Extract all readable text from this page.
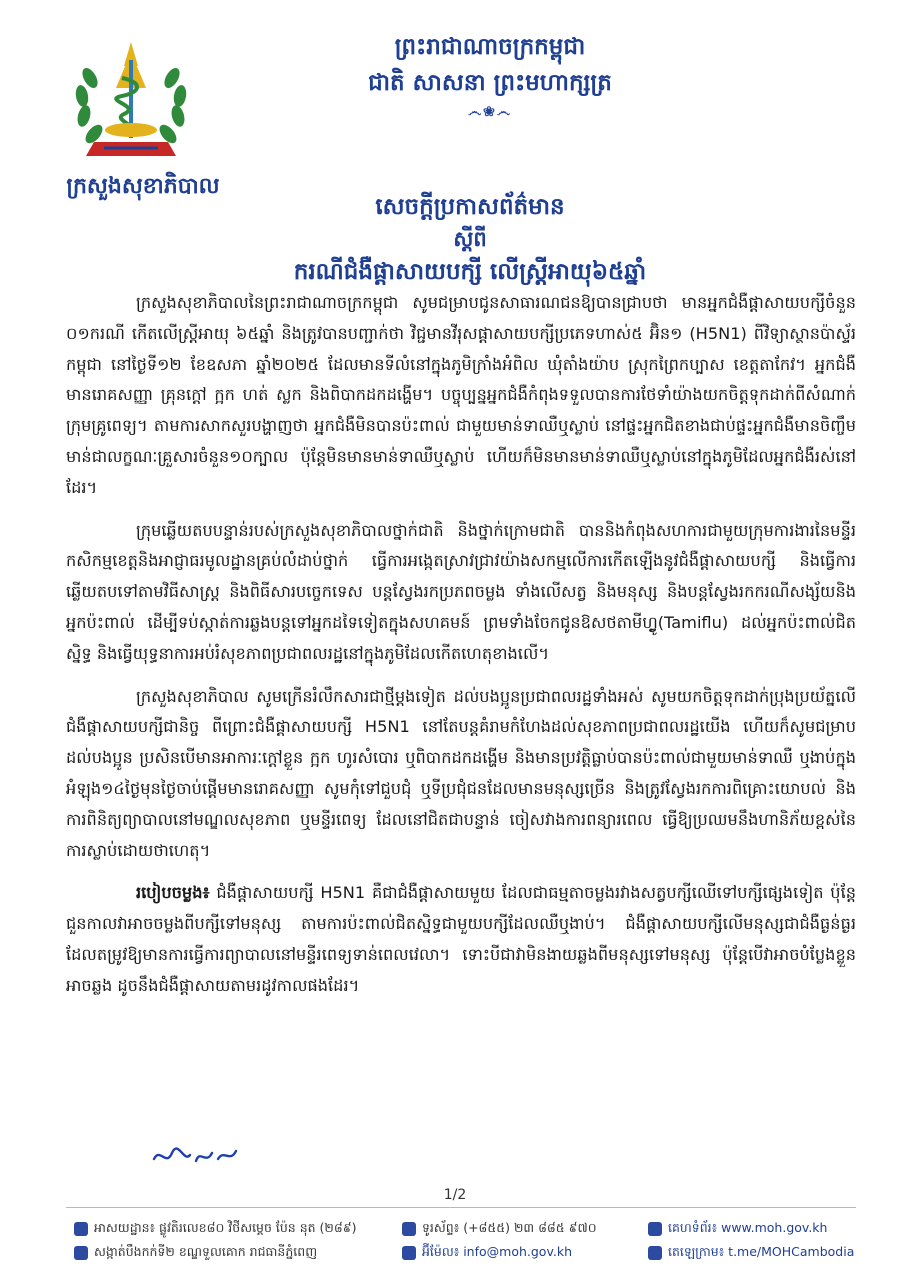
ក្រសួងសុខាភិបាល
ព្រះរាជាណាចក្រកម្ពុជា
ជាតិ សាសនា ព្រះមហាក្សត្រ
෴❀෴
សេចក្តីប្រកាសព័ត៌មាន
ស្តីពី
ករណីជំងឺផ្តាសាយបក្សី លើស្ត្រីអាយុ៦៥ឆ្នាំ

ក្រសួងសុខាភិបាលនៃព្រះរាជាណាចក្រកម្ពុជា សូមជម្រាបជូនសាធារណជនឱ្យបានជ្រាបថា មានអ្នកជំងឺផ្តាសាយបក្សីចំនួន ០១ករណី កើតលើស្ត្រីអាយុ ៦៥ឆ្នាំ និងត្រូវបានបញ្ជាក់ថា វិជ្ជមានវីរុសផ្តាសាយបក្សីប្រភេទហាស់៥ អ៊ិន១ (H5N1) ពីវិទ្យាស្ថានប៉ាស្ទ័រកម្ពុជា នៅថ្ងៃទី១២ ខែឧសភា ឆ្នាំ២០២៥ ដែលមានទីលំនៅក្នុងភូមិក្រាំងអំពិល ឃុំតាំងយ៉ាប ស្រុកព្រៃកប្បាស ខេត្តតាកែវ។ អ្នកជំងឺ មានរោគសញ្ញា គ្រុនក្តៅ ក្អក ហត់ ស្លក និងពិបាកដកដង្ហើម។ បច្ចុប្បន្នអ្នកជំងឺកំពុងទទួលបានការថែទាំយ៉ាងយកចិត្តទុកដាក់ពីសំណាក់ក្រុមគ្រូពេទ្យ។ តាមការសាកសួរបង្ហាញថា អ្នកជំងឺមិនបានប៉ះពាល់ ជាមួយមាន់ទាឈឺឬស្លាប់ នៅផ្ទះអ្នកជិតខាងជាប់ផ្ទះអ្នកជំងឺមានចិញ្ចឹមមាន់ជាលក្ខណៈគ្រួសារចំនួន១០ក្បាល ប៉ុន្តែមិនមានមាន់ទាឈឺឬស្លាប់ ហើយក៏មិនមានមាន់ទាឈឺឬស្លាប់នៅក្នុងភូមិដែលអ្នកជំងឺរស់នៅដែរ។

ក្រុមឆ្លើយតបបន្ទាន់របស់ក្រសួងសុខាភិបាលថ្នាក់ជាតិ និងថ្នាក់ក្រោមជាតិ បាននិងកំពុងសហការជាមួយក្រុមការងារនៃមន្ទីរកសិកម្មខេត្តនិងអាជ្ញាធរមូលដ្ឋានគ្រប់លំដាប់ថ្នាក់ ធ្វើការអង្កេតស្រាវជ្រាវយ៉ាងសកម្មលើការកើតឡើងនូវជំងឺផ្តាសាយបក្សី និងធ្វើការឆ្លើយតបទៅតាមវិធីសាស្ត្រ និងពិធីសារបច្ចេកទេស បន្តស្វែងរកប្រភពចម្លង ទាំងលើសត្វ និងមនុស្ស និងបន្តស្វែងរកករណីសង្ស័យនិងអ្នកប៉ះពាល់ ដើម្បីទប់ស្កាត់ការឆ្លងបន្តទៅអ្នកដទៃទៀតក្នុងសហគមន៍ ព្រមទាំងចែកជូនឱសថតាមីហ្វ្លូ(Tamiflu) ដល់អ្នកប៉ះពាល់ជិតស្និទ្ធ និងធ្វើយុទ្ធនាការអប់រំសុខភាពប្រជាពលរដ្ឋនៅក្នុងភូមិដែលកើតហេតុខាងលើ។

ក្រសួងសុខាភិបាល សូមក្រើនរំលឹកសារជាថ្មីម្តងទៀត ដល់បងប្អូនប្រជាពលរដ្ឋទាំងអស់ សូមយកចិត្តទុកដាក់ប្រុងប្រយ័ត្នលើជំងឺផ្តាសាយបក្សីជានិច្ច ពីព្រោះជំងឺផ្តាសាយបក្សី H5N1 នៅតែបន្តគំរាមកំហែងដល់សុខភាពប្រជាពលរដ្ឋយើង ហើយក៏សូមជម្រាបដល់បងប្អូន ប្រសិនបើមានអាការៈក្តៅខ្លួន ក្អក ហូរសំបោរ ឬពិបាកដកដង្ហើម និងមានប្រវត្តិធ្លាប់បានប៉ះពាល់ជាមួយមាន់ទាឈឺ ឬងាប់ក្នុងអំឡុង១៤ថ្ងៃមុនថ្ងៃចាប់ផ្តើមមានរោគសញ្ញា សូមកុំទៅជួបជុំ ឬទីប្រជុំជនដែលមានមនុស្សច្រើន និងត្រូវស្វែងរកការពិគ្រោះយោបល់ និងការពិនិត្យព្យាបាលនៅមណ្ឌលសុខភាព ឬមន្ទីរពេទ្យ ដែលនៅជិតជាបន្ទាន់ ចៀសវាងការពន្យារពេល ធ្វើឱ្យប្រឈមនឹងហានិភ័យខ្ពស់នៃការស្លាប់ដោយថាហេតុ។

របៀបចម្លង៖ ជំងឺផ្តាសាយបក្សី H5N1 គឺជាជំងឺផ្តាសាយមួយ ដែលជាធម្មតាចម្លងរវាងសត្វបក្សីឈើទៅបក្សីផ្សេងទៀត ប៉ុន្តែជួនកាលវាអាចចម្លងពីបក្សីទៅមនុស្ស តាមការប៉ះពាល់ជិតស្និទ្ធជាមួយបក្សីដែលឈឺឬងាប់។ ជំងឺផ្តាសាយបក្សីលើមនុស្សជាជំងឺធ្ងន់ធ្ងរ ដែលតម្រូវឱ្យមានការធ្វើការព្យាបាលនៅមន្ទីរពេទ្យទាន់ពេលវេលា។ ទោះបីជាវាមិនងាយឆ្លងពីមនុស្សទៅមនុស្ស ប៉ុន្តែបើវាអាចបំប្លែងខ្លួនអាចឆ្លង ដូចនឹងជំងឺផ្តាសាយតាមរដូវកាលផងដែរ។

1/2
អាសយដ្ឋាន៖ ផ្លូវតិរលេខ៨០ វិថីសម្តេច ប៉ែន នុត (២៨៩)
សង្កាត់បឹងកក់ទី២ ខណ្ឌទួលគោក រាជធានីភ្នំពេញ
ទូរស័ព្ទ៖ (+៨៥៥) ២៣ ៨៨៥ ៩៧០
អ៊ីម៉ែល៖ info@moh.gov.kh
គេហទំព័រ៖ www.moh.gov.kh
តេឡេក្រាម៖ t.me/MOHCambodia
